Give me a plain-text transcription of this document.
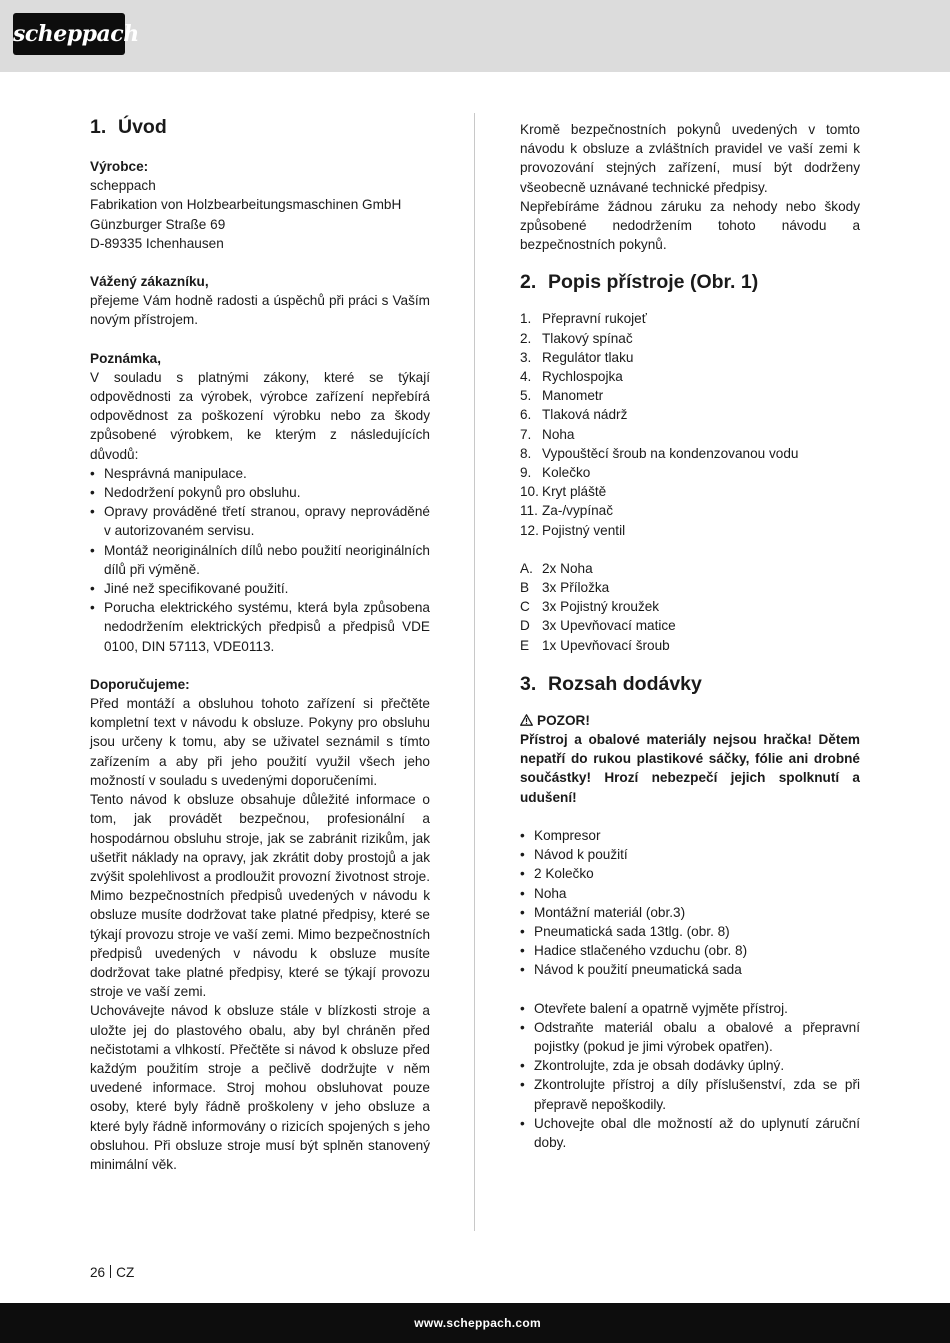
scheppach
1. Úvod

Výrobce:

scheppach

Fabrikation von Holzbearbeitungsmaschinen GmbH

Günzburger Straße 69

D-89335 Ichenhausen

Vážený zákazníku,

přejeme Vám hodně radosti a úspěchů při práci s Vaším novým přístrojem.

Poznámka,

V souladu s platnými zákony, které se týkají odpovědnosti za výrobek, výrobce zařízení nepřebírá odpovědnost za poškození výrobku nebo za škody způsobené výrobkem, ke kterým z následujících důvodů:

• Nesprávná manipulace.
• Nedodržení pokynů pro obsluhu.
• Opravy prováděné třetí stranou, opravy neprováděné v autorizovaném servisu.
• Montáž neoriginálních dílů nebo použití neoriginálních dílů při výměně.
• Jiné než specifikované použití.
• Porucha elektrického systému, která byla způsobena nedodržením elektrických předpisů a předpisů VDE 0100, DIN 57113, VDE0113.

Doporučujeme:

Před montáží a obsluhou tohoto zařízení si přečtěte kompletní text v návodu k obsluze. Pokyny pro obsluhu jsou určeny k tomu, aby se uživatel seznámil s tímto zařízením a aby při jeho použití využil všech jeho možností v souladu s uvedenými doporučeními.

Tento návod k obsluze obsahuje důležité informace o tom, jak provádět bezpečnou, profesionální a hospodárnou obsluhu stroje, jak se zabránit rizikům, jak ušetřit náklady na opravy, jak zkrátit doby prostojů a jak zvýšit spolehlivost a prodloužit provozní životnost stroje. Mimo bezpečnostních předpisů uvedených v návodu k obsluze musíte dodržovat take platné předpisy, které se týkají provozu stroje ve vaší zemi. Mimo bezpečnostních předpisů uvedených v návodu k obsluze musíte dodržovat take platné předpisy, které se týkají provozu stroje ve vaší zemi.

Uchovávejte návod k obsluze stále v blízkosti stroje a uložte jej do plastového obalu, aby byl chráněn před nečistotami a vlhkostí. Přečtěte si návod k obsluze před každým použitím stroje a pečlivě dodržujte v něm uvedené informace. Stroj mohou obsluhovat pouze osoby, které byly řádně proškoleny v jeho obsluze a které byly řádně informovány o rizicích spojených s jeho obsluhou. Při obsluze stroje musí být splněn stanovený minimální věk.

Kromě bezpečnostních pokynů uvedených v tomto návodu k obsluze a zvláštních pravidel ve vaší zemi k provozování stejných zařízení, musí být dodrženy všeobecně uznávané technické předpisy.

Nepřebíráme žádnou záruku za nehody nebo škody způsobené nedodržením tohoto návodu a bezpečnostních pokynů.

2. Popis přístroje (Obr. 1)
1. Přepravní rukojeť
2. Tlakový spínač
3. Regulátor tlaku
4. Rychlospojka
5. Manometr
6. Tlaková nádrž
7. Noha
8. Vypouštěcí šroub na kondenzovanou vodu
9. Kolečko
10. Kryt pláště
11. Za-/vypínač
12. Pojistný ventil
A. 2x Noha
B 3x Příložka
C 3x Pojistný kroužek
D 3x Upevňovací matice
E 1x Upevňovací šroub
3. Rozsah dodávky

POZOR!

Přístroj a obalové materiály nejsou hračka! Dětem nepatří do rukou plastikové sáčky, fólie ani drobné součástky! Hrozí nebezpečí jejich spolknutí a udušení!

• Kompresor
• Návod k použití
• 2 Kolečko
• Noha
• Montážní materiál (obr.3)
• Pneumatická sada 13tlg. (obr. 8)
• Hadice stlačeného vzduchu (obr. 8)
• Návod k použití pneumatická sada
• Otevřete balení a opatrně vyjměte přístroj.
• Odstraňte materiál obalu a obalové a přepravní pojistky (pokud je jimi výrobek opatřen).
• Zkontrolujte, zda je obsah dodávky úplný.
• Zkontrolujte přístroj a díly příslušenství, zda se při přepravě nepoškodily.
• Uchovejte obal dle možností až do uplynutí záruční doby.
26 CZ
www.scheppach.com
